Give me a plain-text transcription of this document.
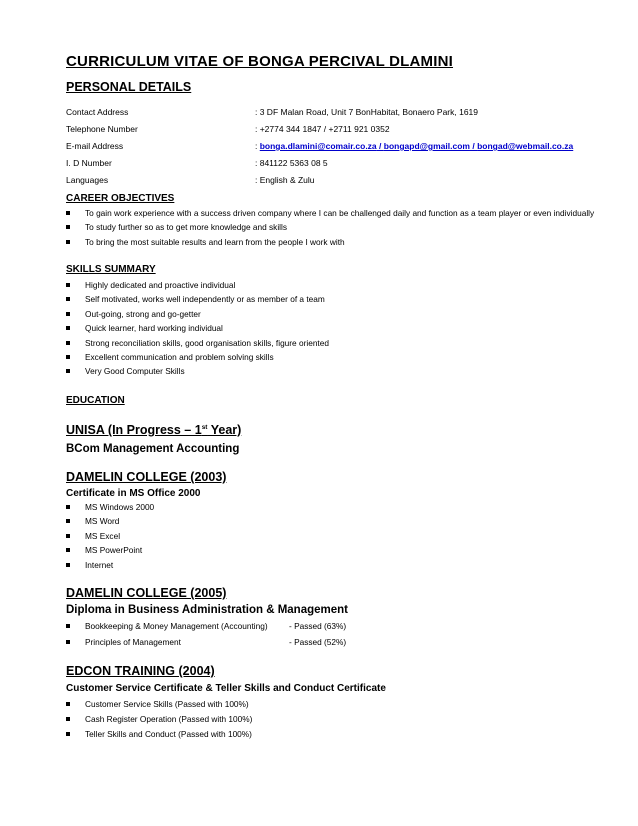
CURRICULUM VITAE OF BONGA PERCIVAL DLAMINI
PERSONAL DETAILS
Contact Address	: 3 DF Malan Road, Unit 7 BonHabitat, Bonaero Park, 1619
Telephone Number	: +2774 344 1847 / +2711 921 0352
E-mail Address	: bonga.dlamini@comair.co.za / bongapd@gmail.com / bongad@webmail.co.za
I. D Number	: 841122 5363 08 5
Languages	: English & Zulu
CAREER OBJECTIVES
To gain work experience with a success driven company where I can be challenged daily and function as a team player or even individually
To study further so as to get more knowledge and skills
To bring the most suitable results and learn from the people I work with
SKILLS SUMMARY
Highly dedicated and proactive individual
Self motivated, works well independently or as member of a team
Out-going, strong and go-getter
Quick learner, hard working individual
Strong reconciliation skills, good organisation skills, figure oriented
Excellent communication and problem solving skills
Very Good Computer Skills
EDUCATION
UNISA (In Progress – 1st Year)
BCom Management Accounting
DAMELIN COLLEGE (2003)
Certificate in MS Office 2000
MS Windows 2000
MS Word
MS Excel
MS PowerPoint
Internet
DAMELIN COLLEGE (2005)
Diploma in Business Administration & Management
Bookkeeping & Money Management (Accounting)	- Passed (63%)
Principles of Management	- Passed (52%)
EDCON TRAINING (2004)
Customer Service Certificate & Teller Skills and Conduct Certificate
Customer Service Skills (Passed with 100%)
Cash Register Operation (Passed with 100%)
Teller Skills and Conduct (Passed with 100%)
